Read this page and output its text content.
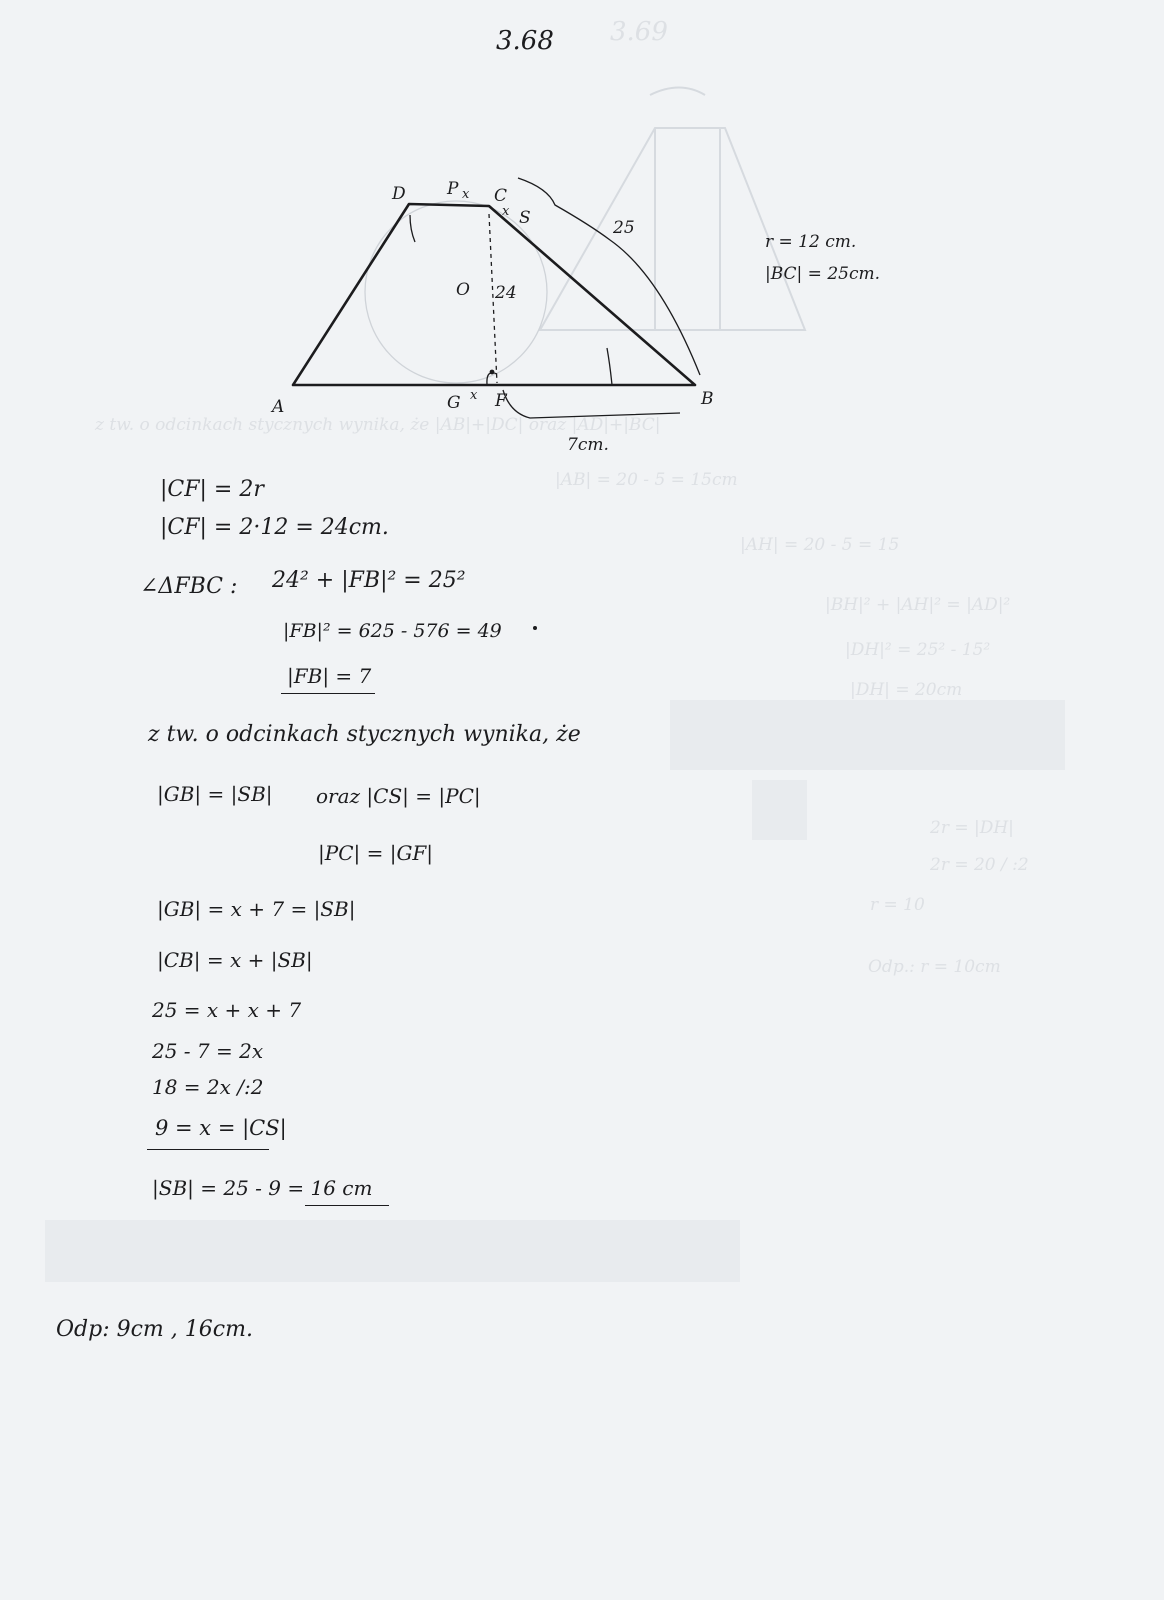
3.69
z tw. o odcinkach stycznych wynika, że |AB|+|DC| oraz |AD|+|BC|
|AB| = 20 - 5 = 15cm
|AH| = 20 - 5 = 15
|BH|² + |AH|² = |AD|²
|DH|² = 25² - 15²
|DH| = 20cm
2r = |DH|
2r = 20 / :2
r = 10
Odp.: r = 10cm
3.68
D P x C
x S	25
O 24
A	G x F	B
7cm.
r = 12 cm.
|BC| = 25cm.
|CF| = 2r
|CF| = 2·12 = 24cm.
∠ΔFBC : 24² + |FB|² = 25²
|FB|² = 625 - 576 = 49
|FB| = 7
z tw. o odcinkach stycznych wynika, że
|GB| = |SB| oraz |CS| = |PC|
|PC| = |GF|
|GB| = x + 7 = |SB|
|CB| = x + |SB|
25 = x + x + 7
25 - 7 = 2x
18 = 2x /:2
9 = x = |CS|
|SB| = 25 - 9 = 16 cm
Odp: 9cm , 16cm.
